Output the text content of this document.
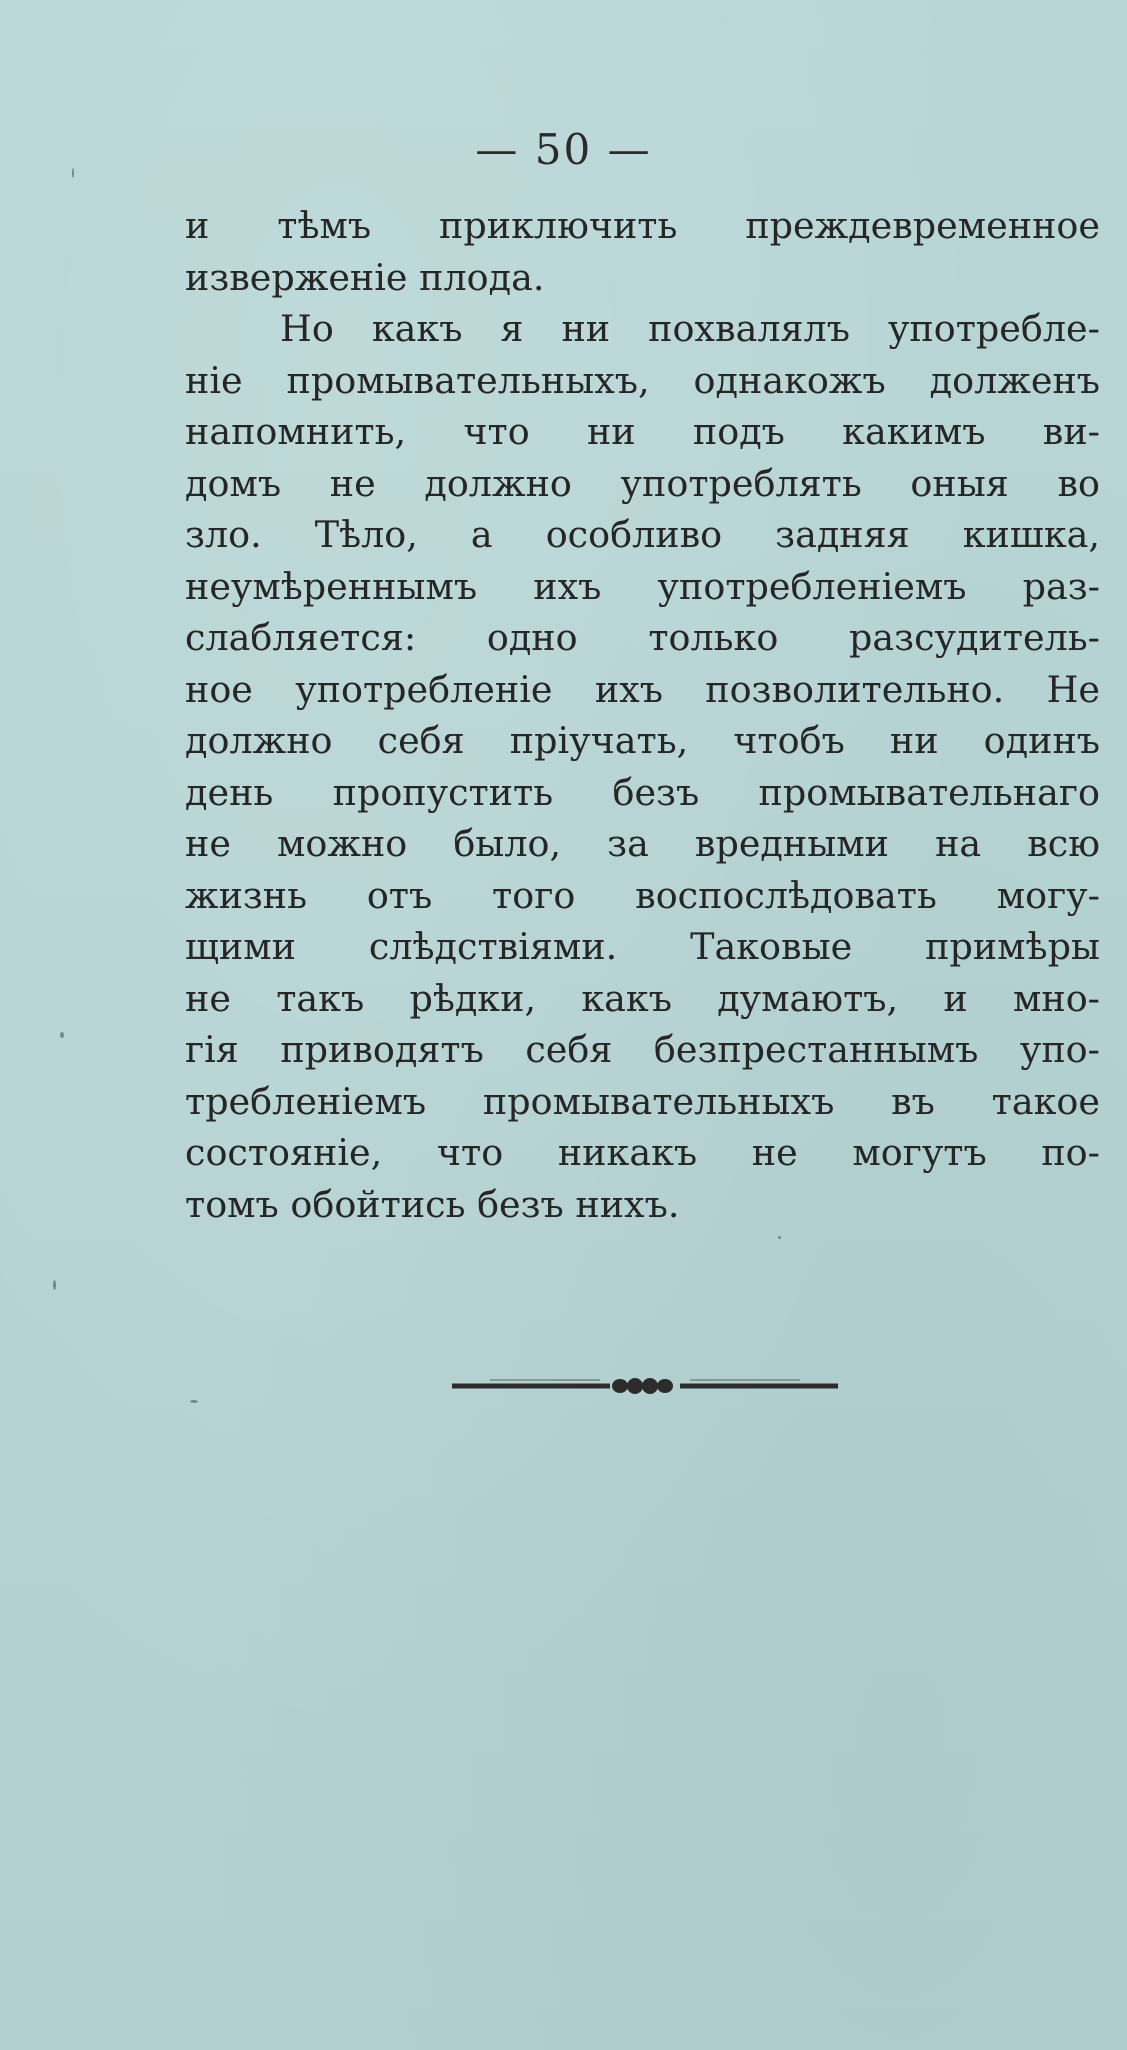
— 50 —
и тѣмъ приключить преждевременное
изверженіе плода.
Но какъ я ни похвалялъ употребле-
ніе промывательныхъ, однакожъ долженъ
напомнить, что ни подъ какимъ ви-
домъ не должно употреблять оныя во
зло. Тѣло, а особливо задняя кишка,
неумѣреннымъ ихъ употребленіемъ раз-
слабляется: одно только разсудитель-
ное употребленіе ихъ позволительно. Не
должно себя пріучать, чтобъ ни одинъ
день пропустить безъ промывательнаго
не можно было, за вредными на всю
жизнь отъ того воспослѣдовать могу-
щими слѣдствіями. Таковые примѣры
не такъ рѣдки, какъ думаютъ, и мно-
гія приводятъ себя безпрестаннымъ упо-
требленіемъ промывательныхъ въ такое
состояніе, что никакъ не могутъ по-
томъ обойтись безъ нихъ.
